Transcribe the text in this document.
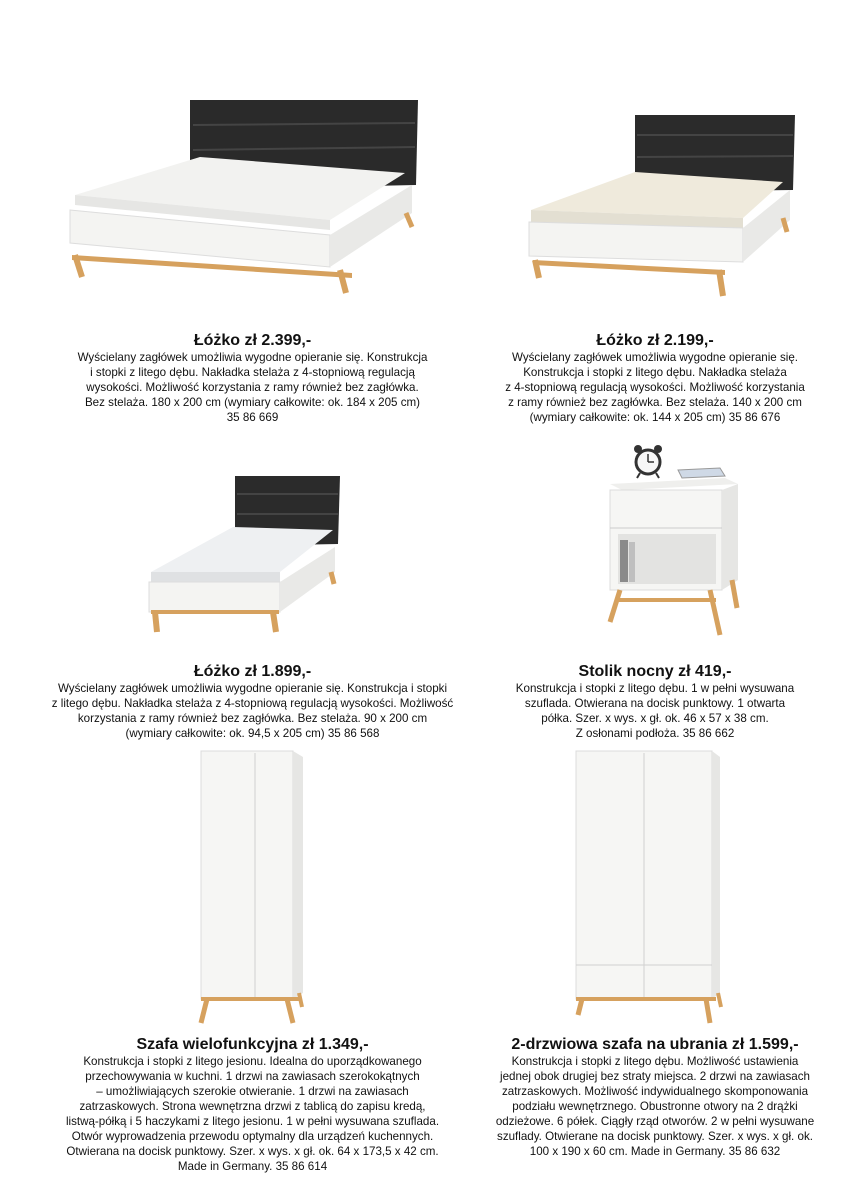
Łóżko zł 2.399,-

Wyścielany zagłówek umożliwia wygodne opieranie się. Konstrukcja
i stopki z litego dębu. Nakładka stelaża z 4-stopniową regulacją
wysokości. Możliwość korzystania z ramy również bez zagłówka.
Bez stelaża. 180 x 200 cm (wymiary całkowite: ok. 184 x 205 cm)
35 86 669

Łóżko zł 2.199,-

Wyścielany zagłówek umożliwia wygodne opieranie się.
Konstrukcja i stopki z litego dębu. Nakładka stelaża
z 4-stopniową regulacją wysokości. Możliwość korzystania
z ramy również bez zagłówka. Bez stelaża. 140 x 200 cm
(wymiary całkowite: ok. 144 x 205 cm) 35 86 676

Łóżko zł 1.899,-

Wyścielany zagłówek umożliwia wygodne opieranie się. Konstrukcja i stopki
z litego dębu. Nakładka stelaża z 4-stopniową regulacją wysokości. Możliwość
korzystania z ramy również bez zagłówka. Bez stelaża. 90 x 200 cm
(wymiary całkowite: ok. 94,5 x 205 cm) 35 86 568

Stolik nocny zł 419,-

Konstrukcja i stopki z litego dębu. 1 w pełni wysuwana
szuflada. Otwierana na docisk punktowy. 1 otwarta
półka. Szer. x wys. x gł. ok. 46 x 57 x 38 cm.
Z osłonami podłoża. 35 86 662

Szafa wielofunkcyjna zł 1.349,-

Konstrukcja i stopki z litego jesionu. Idealna do uporządkowanego
przechowywania w kuchni. 1 drzwi na zawiasach szerokokątnych
– umożliwiających szerokie otwieranie. 1 drzwi na zawiasach
zatrzaskowych. Strona wewnętrzna drzwi z tablicą do zapisu kredą,
listwą-półką i 5 haczykami z litego jesionu. 1 w pełni wysuwana szuflada.
Otwór wyprowadzenia przewodu optymalny dla urządzeń kuchennych.
Otwierana na docisk punktowy. Szer. x wys. x gł. ok. 64 x 173,5 x 42 cm.
Made in Germany. 35 86 614

2-drzwiowa szafa na ubrania zł 1.599,-

Konstrukcja i stopki z litego dębu. Możliwość ustawienia
jednej obok drugiej bez straty miejsca. 2 drzwi na zawiasach
zatrzaskowych. Możliwość indywidualnego skomponowania
podziału wewnętrznego. Obustronne otwory na 2 drążki
odzieżowe. 6 półek. Ciągły rząd otworów. 2 w pełni wysuwane
szuflady. Otwierane na docisk punktowy. Szer. x wys. x gł. ok.
100 x 190 x 60 cm. Made in Germany. 35 86 632
